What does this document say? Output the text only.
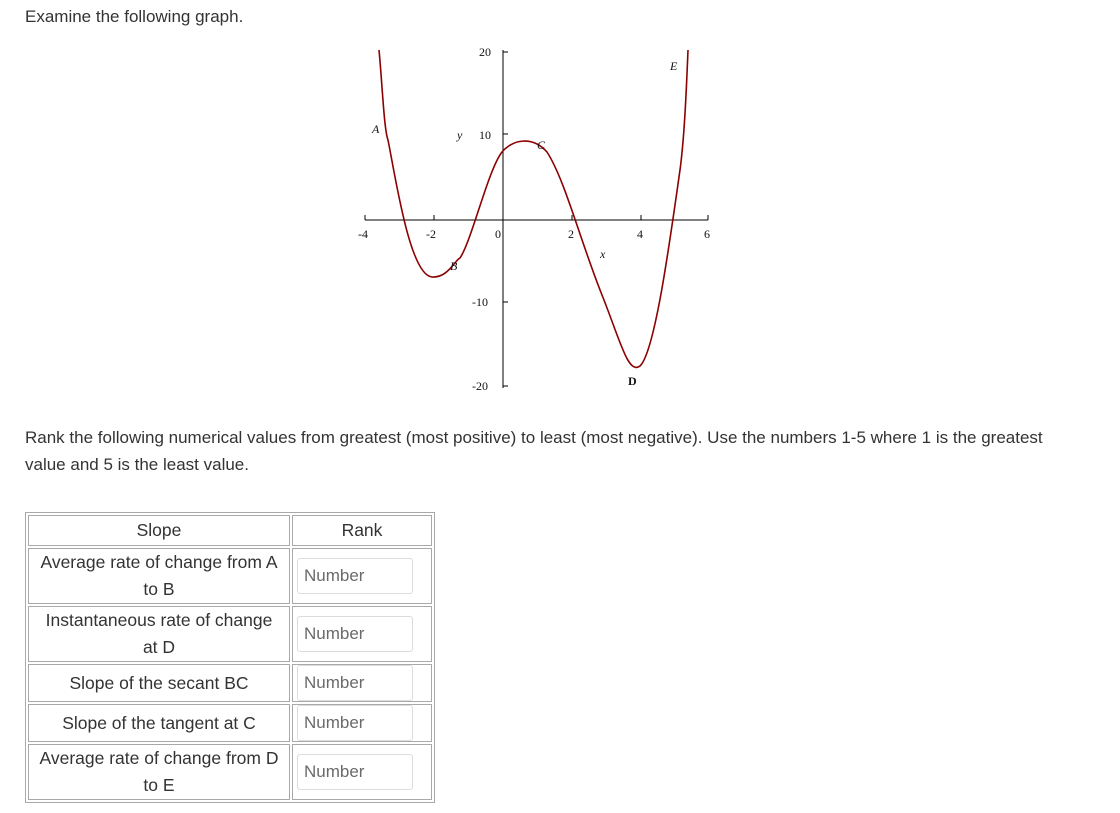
Examine the following graph.
-4	-2	0	2	4	6
20
10
-10
-20
y
x
A
B
C
D
E
Rank the following numerical values from greatest (most positive) to least (most negative). Use the numbers 1-5 where 1 is the greatest value and 5 is the least value.
Slope	Rank
Average rate of change from A
to B	Number
Instantaneous rate of change
at D	Number
Slope of the secant BC	Number
Slope of the tangent at C	Number
Average rate of change from D
to E	Number
